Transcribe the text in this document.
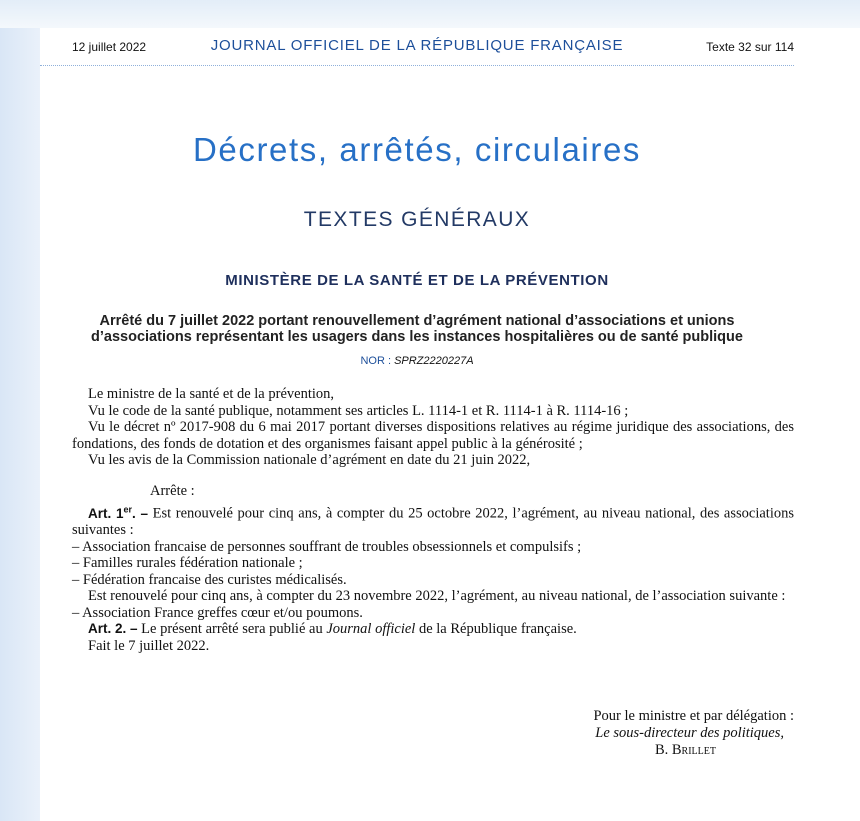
12 juillet 2022	JOURNAL OFFICIEL DE LA RÉPUBLIQUE FRANÇAISE	Texte 32 sur 114
Décrets, arrêtés, circulaires
TEXTES GÉNÉRAUX
MINISTÈRE DE LA SANTÉ ET DE LA PRÉVENTION
Arrêté du 7 juillet 2022 portant renouvellement d’agrément national d’associations et unions
d’associations représentant les usagers dans les instances hospitalières ou de santé publique
NOR : SPRZ2220227A

Le ministre de la santé et de la prévention,

Vu le code de la santé publique, notamment ses articles L. 1114-1 et R. 1114-1 à R. 1114-16 ;

Vu le décret nº 2017-908 du 6 mai 2017 portant diverses dispositions relatives au régime juridique des associations, des fondations, des fonds de dotation et des organismes faisant appel public à la générosité ;

Vu les avis de la Commission nationale d’agrément en date du 21 juin 2022,

Arrête :

Art. 1er. – Est renouvelé pour cinq ans, à compter du 25 octobre 2022, l’agrément, au niveau national, des associations suivantes :

– Association francaise de personnes souffrant de troubles obsessionnels et compulsifs ;

– Familles rurales fédération nationale ;

– Fédération francaise des curistes médicalisés.

Est renouvelé pour cinq ans, à compter du 23 novembre 2022, l’agrément, au niveau national, de l’association suivante :

– Association France greffes cœur et/ou poumons.

Art. 2. – Le présent arrêté sera publié au Journal officiel de la République française.

Fait le 7 juillet 2022.

Pour le ministre et par délégation :
Le sous-directeur des politiques,
B. Brillet
